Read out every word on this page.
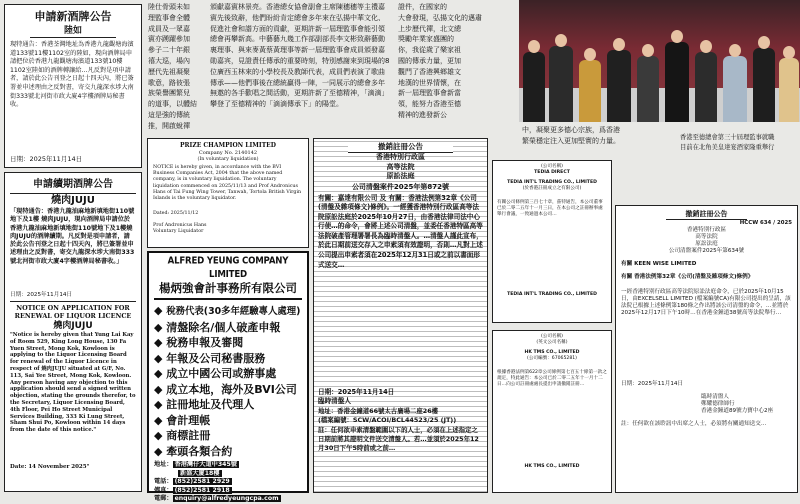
申請新酒牌公告
陸如
現特通告：香港荃灣地址為香港九龍觀塘海濱道133號11樓1102室的陸如，現向酒牌局申請把位於香港九龍觀塘海濱道133號10樓1102室陸如的酒牌轉讓給…凡反對是項申請者，請於此公告刊登之日起十四天內，將已簽署並申述理由之反對書，寄交九龍深水埗大南街333號北河街市政大廈4字樓酒牌局秘書收。
日期：2025年11月14日
申請續期酒牌公告
燒肉JUJU
「現特通告：香港九龍油麻地新填地街110號地下及1樓 燒肉JUJU，現向酒牌局申請位於香港九龍油麻地新填地街110號地下及1樓燒肉JUJU的酒牌續期。凡反對是項申請者，請於此公告刊登之日起十四天內，將已簽署並申述理由之反對書，寄交九龍深水埗大南街333號北河街市政大廈4字樓酒牌局秘書收。」
日期：2025年11月14日
NOTICE ON APPLICATION FOR RENEWAL OF LIQUOR LICENCE
燒肉JUJU
"Notice is hereby given that Yung Lai Kay of Room 529, King Long House, 130 Fa Yuen Street, Mong Kok, Kowloon is applying to the Liquor Licensing Board for renewal of the Liquor Licence in respect of 燒肉JUJU situated at G/F, No. 113, Sai Yee Street, Mong Kok, Kowloon. Any person having any objection to this application should send a signed written objection, stating the grounds therefor, to the Secretary, Liquor Licensing Board, 4th Floor, Pei Ho Street Municipal Services Building, 333 Ki Lung Street, Sham Shui Po, Kowloon within 14 days from the date of this notice."
Date: 14 November 2025"
陸仕骨頭未如
理監事會全體
成員及一眾嘉
賓亦踴躍參加
參子二十年銀
禧大巡，場內
歷代先祖凝聚
歌意，路彼張
族榮譽團繁兒
的道事，以體結
這是強的傳統
推，開啟蛻禪
頒獻嘉賓林景亮。香港總女協會副會主席陳穗穗等主禮嘉賓先後致辭，他們盼紛肯定總會多年來在弘揚中華文化、促進社會和諧方面的貢獻，更期許新一屆理監事會能引領總會再攀新高。中藝藝九幾工作部副部長李文彬致辭藝動裏理事、與來麥黃蔡黃理事等新一屆理監事會成員頒發嘉勛嘉宾，見證責任傳承的重要時刻，特別感謝來到現場的8位廣西玉林來的小學校長及教師代表，成員們表演了歌曲傳承——他們事後在總統贏得一陣，一同展示的總會多年無邀的各手歡唱之間活動，更期許新了至德精神，「滴滴」攀登了至德精神的「滴滴傳承下」的陽堂。
證件，在國家的
大會發現，弘揚文化的邁肅
上步歷代禪，北文總
獎勵年業家盛團的
你，我從歲了樂家祖
國的傳承力量，更加
觀門了香港興鄉雄文
地漢的世界情懷，在
新一屆理監事會新當
領，能努力香港至德
精神的進發新公
中，凝聚更多德心宗族，爲香港
繁榮穩定注入更加堅實的力量。	香港至德總會第三十屆理監事就職
目前在北角美皇達宴酒家隆重舉行
PRIZE CHAMPION LIMITED
Company No. 2140142
(In voluntary liquidation)
NOTICE is hereby given, in accordance with the BVI Business Companies Act, 2004 that the above named company, is in voluntary liquidation. The voluntary liquidation commenced on 2025/11/13 and Prof Andronicus Hans of Tai Fung Wing Tower, Tanwah, Tortola British Virgin Islands is the voluntary liquidator.
Dated: 2025/11/12
Prof Andronicus Hans
Voluntary Liquidator
ALFRED YEUNG COMPANY LIMITED
楊炳強會計事務所有限公司
◆ 稅務代表(30多年經驗專人處理)
◆ 清盤除名/個人破產申報
◆ 稅務申報及審閱
◆ 年報及公司秘書服務
◆ 成立中國公司或辦事處
◆ 成立本地，海外及BVI公司
◆ 註冊地址及代理人
◆ 會計理帳
◆ 商標註冊
◆ 牽頭各類合約
地址： 香港灣仔大道中345號
新盛大廈18樓
電話： (852)2581 2929
傳真： (852)2581 2918
電郵： enquiry@alfredyeungcpa.com
撤銷註冊公告
香港特別行政區
高等法院
原訟法庭
公司清盤案件2025年第872號
有關：嘉達有限公司 及 有關：香港法例第32章《公司(清盤及雜項條文)條例》。一經獲香港特別行政區高等法院原訟法庭於2025年10月27日，由香港法律司法中心行使…的命令，會將上述公司清盤，並委任香港特區高等法院破產管理署署長為臨時清盤人。…清盤人謹此宣布，於此日期前送交存入之申索須有效證明，否則…凡對上述公司提出申索者須在2025年12月31日或之前以書面形式送交…
日期：2025年11月14日
臨時清盤人
地址：香港金鐘道66號太古廣場二座26樓
(檔案編號：SCW/ACOI/BCL44523/25 (JT))
註：任何欲申索清盤範圍以下的人士，必須在上述指定之日期前將其證明文件送交清盤人。若…並須於2025年12月30日下午5時前或之前…
(公司名稱)
TEDIA DIRECT
TEDIA INT'L TRADING CO., LIMITED
(於香港註冊成立之有限公司)
有關公司條例第三百七十章，茲特通告，本公司董事已於二零二五年十一月三日，在本公司之註冊辦事處舉行會議，一致通過本公司…
TEDIA INT'L TRADING CO., LIMITED
(公司名稱)
(英文公司名稱)
HK TMS CO., LIMITED
(公司編號：67065281)
根據香港法例第622章公司條例第七百五十條第一款之規定，特此通告：本公司已於二零二五年十一月十二日…向公司註冊處處長提出申請撤銷註冊…
HK TMS CO., LIMITED
撤銷註冊公告
HCCW 634 / 2025
香港特別行政區
高等法院
原訟法庭
公司清盤案件2025年第634號
有關 KEEN WISE LIMITED
有關 香港法例第32章《公司(清盤及雜項條文)條例》
一經香港特別行政區高等法院原訟法庭命令，已於2025年10月15日，由EXCELSELL LIMITED (檔案編號CA)有限公司提出的呈請，該法院已根據上述條例第180條之作出將該公司清盤的命令，…並將於2025年12月17日下午10時…在香港金鐘道38號高等法院舉行…
日期：2025年11月14日
臨時清盤人
鄭耀德律師行
香港金鐘道89號力寶中心2座
註：任何欲在該聆訊中出席之人士，必須將有關通知送交…
